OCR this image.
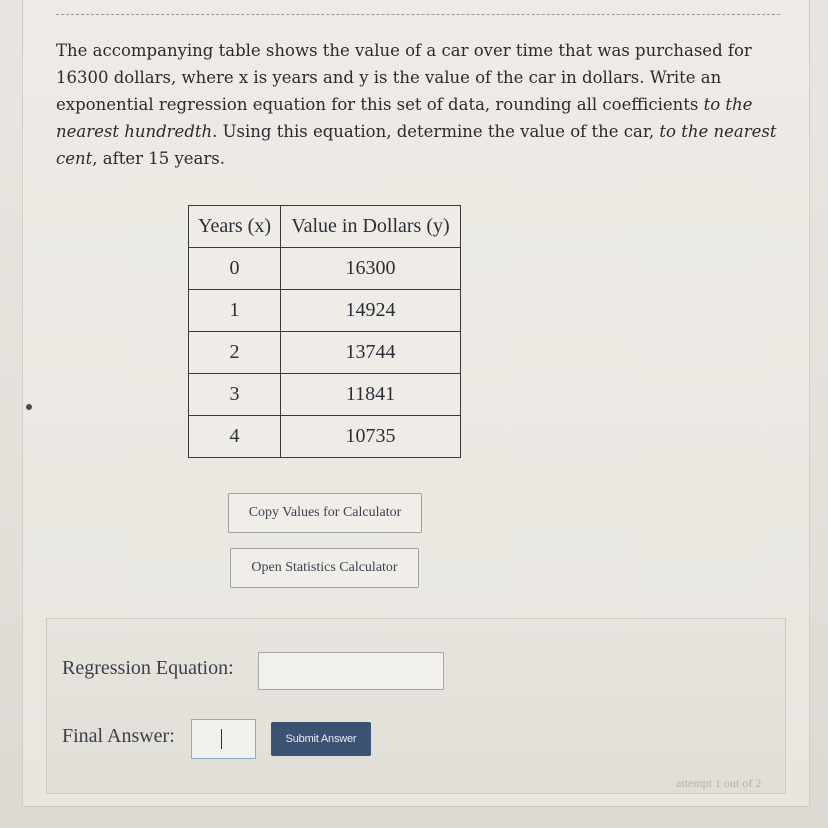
The accompanying table shows the value of a car over time that was purchased for 16300 dollars, where x is years and y is the value of the car in dollars. Write an exponential regression equation for this set of data, rounding all coefficients to the nearest hundredth. Using this equation, determine the value of the car, to the nearest cent, after 15 years.

Years (x)	Value in Dollars (y)
0	16300
1	14924
2	13744
3	11841
4	10735
Copy Values for Calculator
Open Statistics Calculator
Regression Equation:
Final Answer:	Submit Answer
attempt 1 out of 2
